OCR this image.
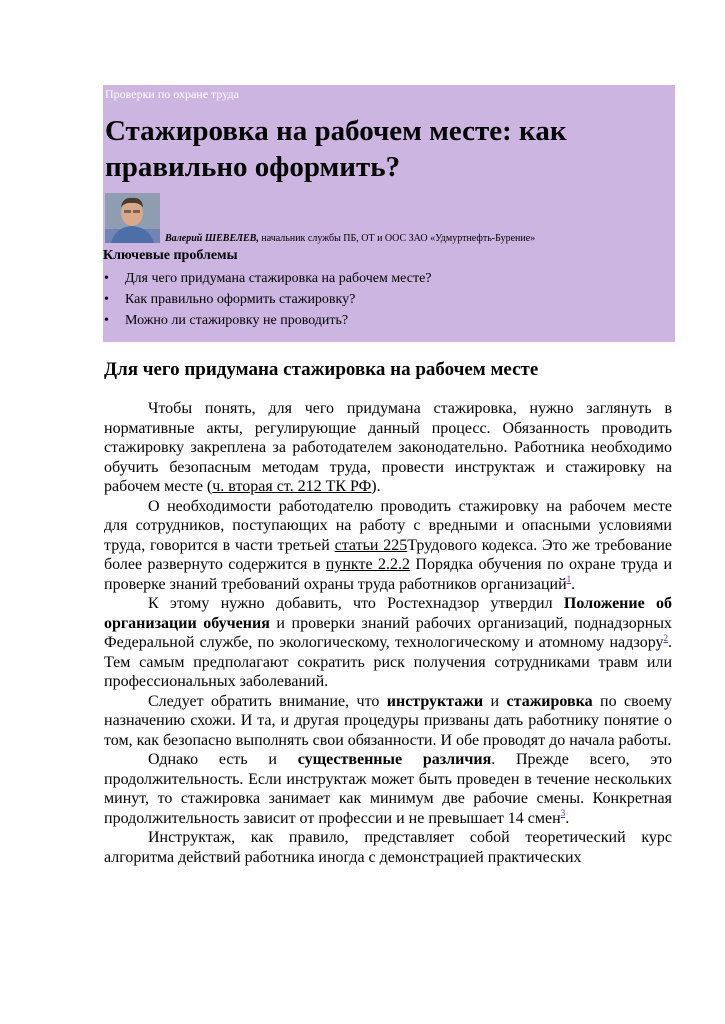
Проверки по охране труда
Стажировка на рабочем месте: как правильно оформить?
Валерий ШЕВЕЛЕВ, начальник службы ПБ, ОТ и ООС ЗАО «Удмуртнефть-Бурение»
Ключевые проблемы
• Для чего придумана стажировка на рабочем месте?
• Как правильно оформить стажировку?
• Можно ли стажировку не проводить?
Для чего придумана стажировка на рабочем месте

Чтобы понять, для чего придумана стажировка, нужно заглянуть в нормативные акты, регулирующие данный процесс. Обязанность проводить стажировку закреплена за работодателем законодательно. Работника необходимо обучить безопасным методам труда, провести инструктаж и стажировку на рабочем месте (ч. вторая ст. 212 ТК РФ).

О необходимости работодателю проводить стажировку на рабочем месте для сотрудников, поступающих на работу с вредными и опасными условиями труда, говорится в части третьей статьи 225Трудового кодекса. Это же требование более развернуто содержится в пункте 2.2.2 Порядка обучения по охране труда и проверке знаний требований охраны труда работников организаций$^1$.

К этому нужно добавить, что Ростехнадзор утвердил Положение об организации обучения и проверки знаний рабочих организаций, поднадзорных Федеральной службе, по экологическому, технологическому и атомному надзору$^2$. Тем самым предполагают сократить риск получения сотрудниками травм или профессиональных заболеваний.

Следует обратить внимание, что инструктажи и стажировка по своему назначению схожи. И та, и другая процедуры призваны дать работнику понятие о том, как безопасно выполнять свои обязанности. И обе проводят до начала работы.

Однако есть и существенные различия. Прежде всего, это продолжительность. Если инструктаж может быть проведен в течение нескольких минут, то стажировка занимает как минимум две рабочие смены. Конкретная продолжительность зависит от профессии и не превышает 14 смен$^3$.

Инструктаж, как правило, представляет собой теоретический курс алгоритма действий работника иногда с демонстрацией практических
